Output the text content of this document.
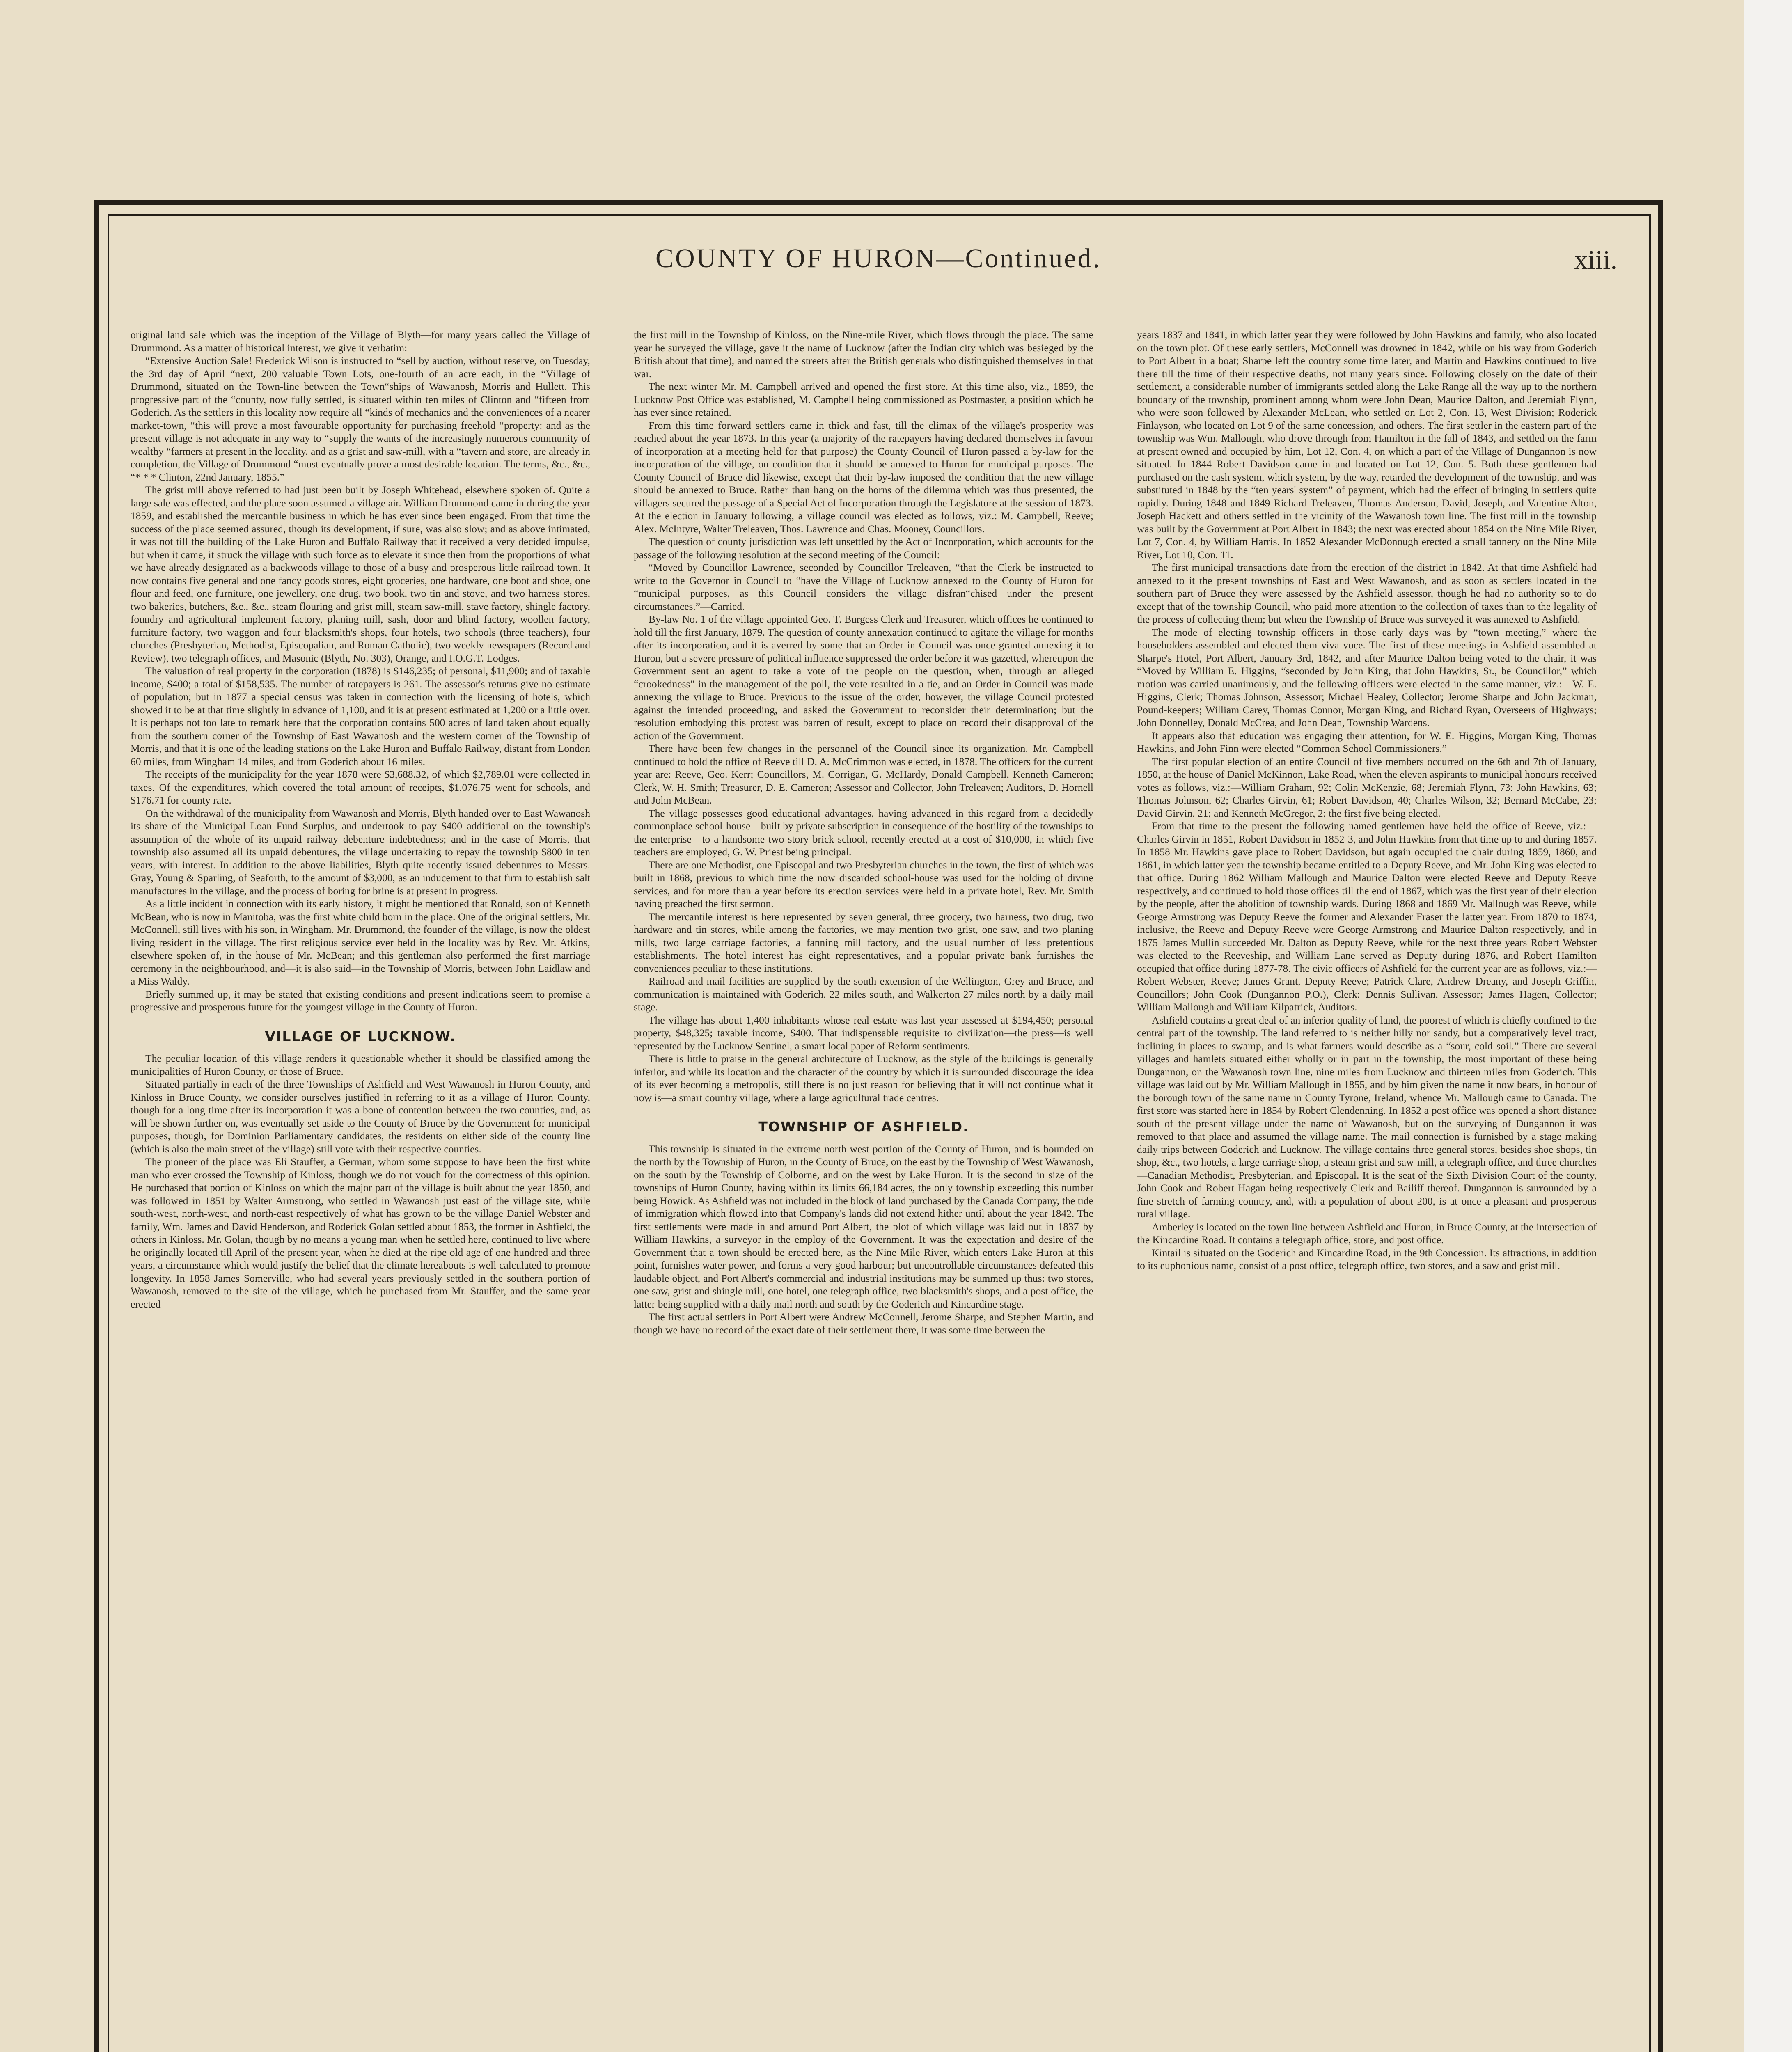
COUNTY OF HURON—Continued.	xiii.

original land sale which was the inception of the Village of Blyth—for many years called the Village of Drummond. As a matter of historical interest, we give it verbatim:

“Extensive Auction Sale! Frederick Wilson is instructed to “sell by auction, without reserve, on Tuesday, the 3rd day of April “next, 200 valuable Town Lots, one-fourth of an acre each, in the “Village of Drummond, situated on the Town-line between the Town“ships of Wawanosh, Morris and Hullett. This progressive part of the “county, now fully settled, is situated within ten miles of Clinton and “fifteen from Goderich. As the settlers in this locality now require all “kinds of mechanics and the conveniences of a nearer market-town, “this will prove a most favourable opportunity for purchasing freehold “property: and as the present village is not adequate in any way to “supply the wants of the increasingly numerous community of wealthy “farmers at present in the locality, and as a grist and saw-mill, with a “tavern and store, are already in completion, the Village of Drummond “must eventually prove a most desirable location. The terms, &c., &c., “* * * Clinton, 22nd January, 1855.”

The grist mill above referred to had just been built by Joseph Whitehead, elsewhere spoken of. Quite a large sale was effected, and the place soon assumed a village air. William Drummond came in during the year 1859, and established the mercantile business in which he has ever since been engaged. From that time the success of the place seemed assured, though its development, if sure, was also slow; and as above intimated, it was not till the building of the Lake Huron and Buffalo Railway that it received a very decided impulse, but when it came, it struck the village with such force as to elevate it since then from the proportions of what we have already designated as a backwoods village to those of a busy and prosperous little railroad town. It now contains five general and one fancy goods stores, eight groceries, one hardware, one boot and shoe, one flour and feed, one furniture, one jewellery, one drug, two book, two tin and stove, and two harness stores, two bakeries, butchers, &c., &c., steam flouring and grist mill, steam saw-mill, stave factory, shingle factory, foundry and agricultural implement factory, planing mill, sash, door and blind factory, woollen factory, furniture factory, two waggon and four blacksmith's shops, four hotels, two schools (three teachers), four churches (Presbyterian, Methodist, Episcopalian, and Roman Catholic), two weekly newspapers (Record and Review), two telegraph offices, and Masonic (Blyth, No. 303), Orange, and I.O.G.T. Lodges.

The valuation of real property in the corporation (1878) is $146,235; of personal, $11,900; and of taxable income, $400; a total of $158,535. The number of ratepayers is 261. The assessor's returns give no estimate of population; but in 1877 a special census was taken in connection with the licensing of hotels, which showed it to be at that time slightly in advance of 1,100, and it is at present estimated at 1,200 or a little over. It is perhaps not too late to remark here that the corporation contains 500 acres of land taken about equally from the southern corner of the Township of East Wawanosh and the western corner of the Township of Morris, and that it is one of the leading stations on the Lake Huron and Buffalo Railway, distant from London 60 miles, from Wingham 14 miles, and from Goderich about 16 miles.

The receipts of the municipality for the year 1878 were $3,688.32, of which $2,789.01 were collected in taxes. Of the expenditures, which covered the total amount of receipts, $1,076.75 went for schools, and $176.71 for county rate.

On the withdrawal of the municipality from Wawanosh and Morris, Blyth handed over to East Wawanosh its share of the Municipal Loan Fund Surplus, and undertook to pay $400 additional on the township's assumption of the whole of its unpaid railway debenture indebtedness; and in the case of Morris, that township also assumed all its unpaid debentures, the village undertaking to repay the township $800 in ten years, with interest. In addition to the above liabilities, Blyth quite recently issued debentures to Messrs. Gray, Young & Sparling, of Seaforth, to the amount of $3,000, as an inducement to that firm to establish salt manufactures in the village, and the process of boring for brine is at present in progress.

As a little incident in connection with its early history, it might be mentioned that Ronald, son of Kenneth McBean, who is now in Manitoba, was the first white child born in the place. One of the original settlers, Mr. McConnell, still lives with his son, in Wingham. Mr. Drummond, the founder of the village, is now the oldest living resident in the village. The first religious service ever held in the locality was by Rev. Mr. Atkins, elsewhere spoken of, in the house of Mr. McBean; and this gentleman also performed the first marriage ceremony in the neighbourhood, and—it is also said—in the Township of Morris, between John Laidlaw and a Miss Waldy.

Briefly summed up, it may be stated that existing conditions and present indications seem to promise a progressive and prosperous future for the youngest village in the County of Huron.

VILLAGE OF LUCKNOW.

The peculiar location of this village renders it questionable whether it should be classified among the municipalities of Huron County, or those of Bruce.

Situated partially in each of the three Townships of Ashfield and West Wawanosh in Huron County, and Kinloss in Bruce County, we consider ourselves justified in referring to it as a village of Huron County, though for a long time after its incorporation it was a bone of contention between the two counties, and, as will be shown further on, was eventually set aside to the County of Bruce by the Government for municipal purposes, though, for Dominion Parliamentary candidates, the residents on either side of the county line (which is also the main street of the village) still vote with their respective counties.

The pioneer of the place was Eli Stauffer, a German, whom some suppose to have been the first white man who ever crossed the Township of Kinloss, though we do not vouch for the correctness of this opinion. He purchased that portion of Kinloss on which the major part of the village is built about the year 1850, and was followed in 1851 by Walter Armstrong, who settled in Wawanosh just east of the village site, while south-west, north-west, and north-east respectively of what has grown to be the village Daniel Webster and family, Wm. James and David Henderson, and Roderick Golan settled about 1853, the former in Ashfield, the others in Kinloss. Mr. Golan, though by no means a young man when he settled here, continued to live where he originally located till April of the present year, when he died at the ripe old age of one hundred and three years, a circumstance which would justify the belief that the climate hereabouts is well calculated to promote longevity. In 1858 James Somerville, who had several years previously settled in the southern portion of Wawanosh, removed to the site of the village, which he purchased from Mr. Stauffer, and the same year erected

the first mill in the Township of Kinloss, on the Nine-mile River, which flows through the place. The same year he surveyed the village, gave it the name of Lucknow (after the Indian city which was besieged by the British about that time), and named the streets after the British generals who distinguished themselves in that war.

The next winter Mr. M. Campbell arrived and opened the first store. At this time also, viz., 1859, the Lucknow Post Office was established, M. Campbell being commissioned as Postmaster, a position which he has ever since retained.

From this time forward settlers came in thick and fast, till the climax of the village's prosperity was reached about the year 1873. In this year (a majority of the ratepayers having declared themselves in favour of incorporation at a meeting held for that purpose) the County Council of Huron passed a by-law for the incorporation of the village, on condition that it should be annexed to Huron for municipal purposes. The County Council of Bruce did likewise, except that their by-law imposed the condition that the new village should be annexed to Bruce. Rather than hang on the horns of the dilemma which was thus presented, the villagers secured the passage of a Special Act of Incorporation through the Legislature at the session of 1873. At the election in January following, a village council was elected as follows, viz.: M. Campbell, Reeve; Alex. McIntyre, Walter Treleaven, Thos. Lawrence and Chas. Mooney, Councillors.

The question of county jurisdiction was left unsettled by the Act of Incorporation, which accounts for the passage of the following resolution at the second meeting of the Council:

“Moved by Councillor Lawrence, seconded by Councillor Treleaven, “that the Clerk be instructed to write to the Governor in Council to “have the Village of Lucknow annexed to the County of Huron for “municipal purposes, as this Council considers the village disfran“chised under the present circumstances.”—Carried.

By-law No. 1 of the village appointed Geo. T. Burgess Clerk and Treasurer, which offices he continued to hold till the first January, 1879. The question of county annexation continued to agitate the village for months after its incorporation, and it is averred by some that an Order in Council was once granted annexing it to Huron, but a severe pressure of political influence suppressed the order before it was gazetted, whereupon the Government sent an agent to take a vote of the people on the question, when, through an alleged “crookedness” in the management of the poll, the vote resulted in a tie, and an Order in Council was made annexing the village to Bruce. Previous to the issue of the order, however, the village Council protested against the intended proceeding, and asked the Government to reconsider their determination; but the resolution embodying this protest was barren of result, except to place on record their disapproval of the action of the Government.

There have been few changes in the personnel of the Council since its organization. Mr. Campbell continued to hold the office of Reeve till D. A. McCrimmon was elected, in 1878. The officers for the current year are: Reeve, Geo. Kerr; Councillors, M. Corrigan, G. McHardy, Donald Campbell, Kenneth Cameron; Clerk, W. H. Smith; Treasurer, D. E. Cameron; Assessor and Collector, John Treleaven; Auditors, D. Hornell and John McBean.

The village possesses good educational advantages, having advanced in this regard from a decidedly commonplace school-house—built by private subscription in consequence of the hostility of the townships to the enterprise—to a handsome two story brick school, recently erected at a cost of $10,000, in which five teachers are employed, G. W. Priest being principal.

There are one Methodist, one Episcopal and two Presbyterian churches in the town, the first of which was built in 1868, previous to which time the now discarded school-house was used for the holding of divine services, and for more than a year before its erection services were held in a private hotel, Rev. Mr. Smith having preached the first sermon.

The mercantile interest is here represented by seven general, three grocery, two harness, two drug, two hardware and tin stores, while among the factories, we may mention two grist, one saw, and two planing mills, two large carriage factories, a fanning mill factory, and the usual number of less pretentious establishments. The hotel interest has eight representatives, and a popular private bank furnishes the conveniences peculiar to these institutions.

Railroad and mail facilities are supplied by the south extension of the Wellington, Grey and Bruce, and communication is maintained with Goderich, 22 miles south, and Walkerton 27 miles north by a daily mail stage.

The village has about 1,400 inhabitants whose real estate was last year assessed at $194,450; personal property, $48,325; taxable income, $400. That indispensable requisite to civilization—the press—is well represented by the Lucknow Sentinel, a smart local paper of Reform sentiments.

There is little to praise in the general architecture of Lucknow, as the style of the buildings is generally inferior, and while its location and the character of the country by which it is surrounded discourage the idea of its ever becoming a metropolis, still there is no just reason for believing that it will not continue what it now is—a smart country village, where a large agricultural trade centres.

TOWNSHIP OF ASHFIELD.

This township is situated in the extreme north-west portion of the County of Huron, and is bounded on the north by the Township of Huron, in the County of Bruce, on the east by the Township of West Wawanosh, on the south by the Township of Colborne, and on the west by Lake Huron. It is the second in size of the townships of Huron County, having within its limits 66,184 acres, the only township exceeding this number being Howick. As Ashfield was not included in the block of land purchased by the Canada Company, the tide of immigration which flowed into that Company's lands did not extend hither until about the year 1842. The first settlements were made in and around Port Albert, the plot of which village was laid out in 1837 by William Hawkins, a surveyor in the employ of the Government. It was the expectation and desire of the Government that a town should be erected here, as the Nine Mile River, which enters Lake Huron at this point, furnishes water power, and forms a very good harbour; but uncontrollable circumstances defeated this laudable object, and Port Albert's commercial and industrial institutions may be summed up thus: two stores, one saw, grist and shingle mill, one hotel, one telegraph office, two blacksmith's shops, and a post office, the latter being supplied with a daily mail north and south by the Goderich and Kincardine stage.

The first actual settlers in Port Albert were Andrew McConnell, Jerome Sharpe, and Stephen Martin, and though we have no record of the exact date of their settlement there, it was some time between the

years 1837 and 1841, in which latter year they were followed by John Hawkins and family, who also located on the town plot. Of these early settlers, McConnell was drowned in 1842, while on his way from Goderich to Port Albert in a boat; Sharpe left the country some time later, and Martin and Hawkins continued to live there till the time of their respective deaths, not many years since. Following closely on the date of their settlement, a considerable number of immigrants settled along the Lake Range all the way up to the northern boundary of the township, prominent among whom were John Dean, Maurice Dalton, and Jeremiah Flynn, who were soon followed by Alexander McLean, who settled on Lot 2, Con. 13, West Division; Roderick Finlayson, who located on Lot 9 of the same concession, and others. The first settler in the eastern part of the township was Wm. Mallough, who drove through from Hamilton in the fall of 1843, and settled on the farm at present owned and occupied by him, Lot 12, Con. 4, on which a part of the Village of Dungannon is now situated. In 1844 Robert Davidson came in and located on Lot 12, Con. 5. Both these gentlemen had purchased on the cash system, which system, by the way, retarded the development of the township, and was substituted in 1848 by the “ten years' system” of payment, which had the effect of bringing in settlers quite rapidly. During 1848 and 1849 Richard Treleaven, Thomas Anderson, David, Joseph, and Valentine Alton, Joseph Hackett and others settled in the vicinity of the Wawanosh town line. The first mill in the township was built by the Government at Port Albert in 1843; the next was erected about 1854 on the Nine Mile River, Lot 7, Con. 4, by William Harris. In 1852 Alexander McDonough erected a small tannery on the Nine Mile River, Lot 10, Con. 11.

The first municipal transactions date from the erection of the district in 1842. At that time Ashfield had annexed to it the present townships of East and West Wawanosh, and as soon as settlers located in the southern part of Bruce they were assessed by the Ashfield assessor, though he had no authority so to do except that of the township Council, who paid more attention to the collection of taxes than to the legality of the process of collecting them; but when the Township of Bruce was surveyed it was annexed to Ashfield.

The mode of electing township officers in those early days was by “town meeting,” where the householders assembled and elected them viva voce. The first of these meetings in Ashfield assembled at Sharpe's Hotel, Port Albert, January 3rd, 1842, and after Maurice Dalton being voted to the chair, it was “Moved by William E. Higgins, “seconded by John King, that John Hawkins, Sr., be Councillor,” which motion was carried unanimously, and the following officers were elected in the same manner, viz.:—W. E. Higgins, Clerk; Thomas Johnson, Assessor; Michael Healey, Collector; Jerome Sharpe and John Jackman, Pound-keepers; William Carey, Thomas Connor, Morgan King, and Richard Ryan, Overseers of Highways; John Donnelley, Donald McCrea, and John Dean, Township Wardens.

It appears also that education was engaging their attention, for W. E. Higgins, Morgan King, Thomas Hawkins, and John Finn were elected “Common School Commissioners.”

The first popular election of an entire Council of five members occurred on the 6th and 7th of January, 1850, at the house of Daniel McKinnon, Lake Road, when the eleven aspirants to municipal honours received votes as follows, viz.:—William Graham, 92; Colin McKenzie, 68; Jeremiah Flynn, 73; John Hawkins, 63; Thomas Johnson, 62; Charles Girvin, 61; Robert Davidson, 40; Charles Wilson, 32; Bernard McCabe, 23; David Girvin, 21; and Kenneth McGregor, 2; the first five being elected.

From that time to the present the following named gentlemen have held the office of Reeve, viz.:—Charles Girvin in 1851, Robert Davidson in 1852-3, and John Hawkins from that time up to and during 1857. In 1858 Mr. Hawkins gave place to Robert Davidson, but again occupied the chair during 1859, 1860, and 1861, in which latter year the township became entitled to a Deputy Reeve, and Mr. John King was elected to that office. During 1862 William Mallough and Maurice Dalton were elected Reeve and Deputy Reeve respectively, and continued to hold those offices till the end of 1867, which was the first year of their election by the people, after the abolition of township wards. During 1868 and 1869 Mr. Mallough was Reeve, while George Armstrong was Deputy Reeve the former and Alexander Fraser the latter year. From 1870 to 1874, inclusive, the Reeve and Deputy Reeve were George Armstrong and Maurice Dalton respectively, and in 1875 James Mullin succeeded Mr. Dalton as Deputy Reeve, while for the next three years Robert Webster was elected to the Reeveship, and William Lane served as Deputy during 1876, and Robert Hamilton occupied that office during 1877-78. The civic officers of Ashfield for the current year are as follows, viz.:—Robert Webster, Reeve; James Grant, Deputy Reeve; Patrick Clare, Andrew Dreany, and Joseph Griffin, Councillors; John Cook (Dungannon P.O.), Clerk; Dennis Sullivan, Assessor; James Hagen, Collector; William Mallough and William Kilpatrick, Auditors.

Ashfield contains a great deal of an inferior quality of land, the poorest of which is chiefly confined to the central part of the township. The land referred to is neither hilly nor sandy, but a comparatively level tract, inclining in places to swamp, and is what farmers would describe as a “sour, cold soil.” There are several villages and hamlets situated either wholly or in part in the township, the most important of these being Dungannon, on the Wawanosh town line, nine miles from Lucknow and thirteen miles from Goderich. This village was laid out by Mr. William Mallough in 1855, and by him given the name it now bears, in honour of the borough town of the same name in County Tyrone, Ireland, whence Mr. Mallough came to Canada. The first store was started here in 1854 by Robert Clendenning. In 1852 a post office was opened a short distance south of the present village under the name of Wawanosh, but on the surveying of Dungannon it was removed to that place and assumed the village name. The mail connection is furnished by a stage making daily trips between Goderich and Lucknow. The village contains three general stores, besides shoe shops, tin shop, &c., two hotels, a large carriage shop, a steam grist and saw-mill, a telegraph office, and three churches—Canadian Methodist, Presbyterian, and Episcopal. It is the seat of the Sixth Division Court of the county, John Cook and Robert Hagan being respectively Clerk and Bailiff thereof. Dungannon is surrounded by a fine stretch of farming country, and, with a population of about 200, is at once a pleasant and prosperous rural village.

Amberley is located on the town line between Ashfield and Huron, in Bruce County, at the intersection of the Kincardine Road. It contains a telegraph office, store, and post office.

Kintail is situated on the Goderich and Kincardine Road, in the 9th Concession. Its attractions, in addition to its euphonious name, consist of a post office, telegraph office, two stores, and a saw and grist mill.
